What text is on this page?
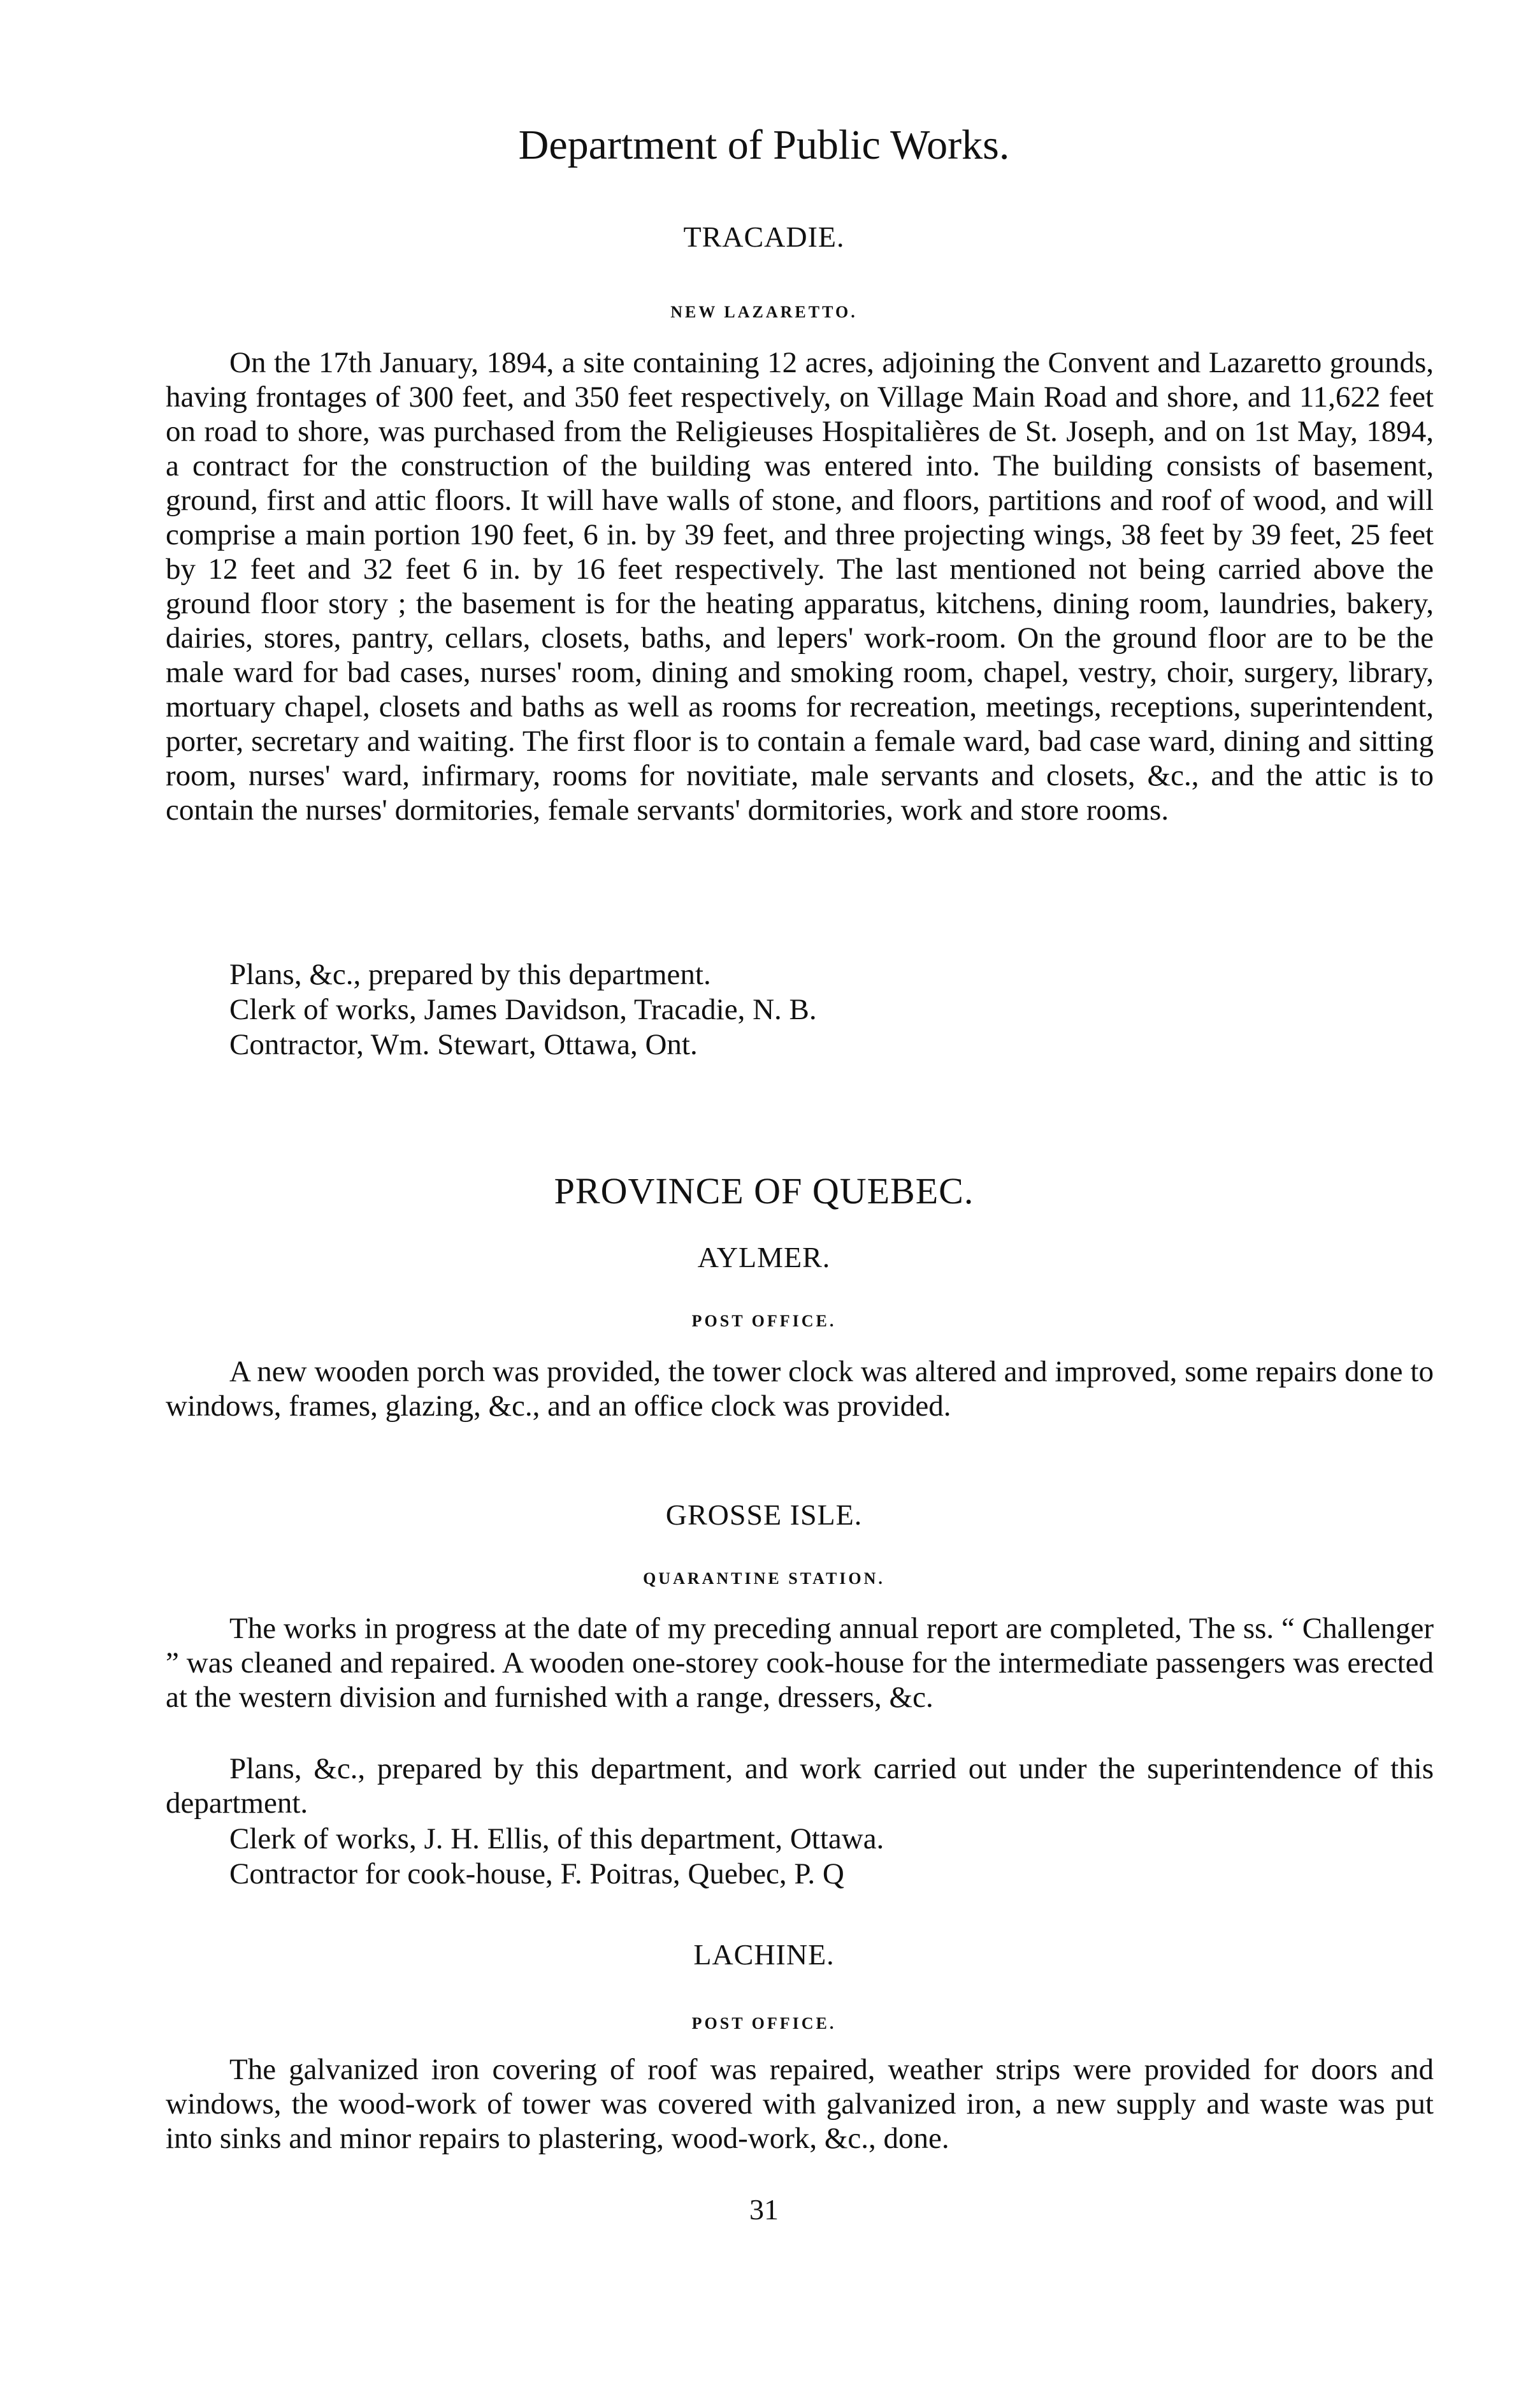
Department of Public Works.
TRACADIE.
NEW LAZARETTO.

On the 17th January, 1894, a site containing 12 acres, adjoining the Convent and Lazaretto grounds, having frontages of 300 feet, and 350 feet respectively, on Village Main Road and shore, and 11,622 feet on road to shore, was purchased from the Religieuses Hospitalières de St. Joseph, and on 1st May, 1894, a contract for the construction of the building was entered into. The building consists of basement, ground, first and attic floors. It will have walls of stone, and floors, partitions and roof of wood, and will comprise a main portion 190 feet, 6 in. by 39 feet, and three projecting wings, 38 feet by 39 feet, 25 feet by 12 feet and 32 feet 6 in. by 16 feet respectively. The last mentioned not being carried above the ground floor story ; the basement is for the heating apparatus, kitchens, dining room, laundries, bakery, dairies, stores, pantry, cellars, closets, baths, and lepers' work-room. On the ground floor are to be the male ward for bad cases, nurses' room, dining and smoking room, chapel, vestry, choir, surgery, library, mortuary chapel, closets and baths as well as rooms for recreation, meetings, receptions, superintendent, porter, secretary and waiting. The first floor is to contain a female ward, bad case ward, dining and sitting room, nurses' ward, infirmary, rooms for novitiate, male servants and closets, &c., and the attic is to contain the nurses' dormitories, female servants' dormitories, work and store rooms.

Plans, &c., prepared by this department.

Clerk of works, James Davidson, Tracadie, N. B.

Contractor, Wm. Stewart, Ottawa, Ont.

PROVINCE OF QUEBEC.
AYLMER.
POST OFFICE.

A new wooden porch was provided, the tower clock was altered and improved, some repairs done to windows, frames, glazing, &c., and an office clock was provided.

GROSSE ISLE.
QUARANTINE STATION.

The works in progress at the date of my preceding annual report are completed, The ss. “ Challenger ” was cleaned and repaired. A wooden one-storey cook-house for the intermediate passengers was erected at the western division and furnished with a range, dressers, &c.

Plans, &c., prepared by this department, and work carried out under the superintendence of this department.

Clerk of works, J. H. Ellis, of this department, Ottawa.

Contractor for cook-house, F. Poitras, Quebec, P. Q

LACHINE.
POST OFFICE.

The galvanized iron covering of roof was repaired, weather strips were provided for doors and windows, the wood-work of tower was covered with galvanized iron, a new supply and waste was put into sinks and minor repairs to plastering, wood-work, &c., done.

31
